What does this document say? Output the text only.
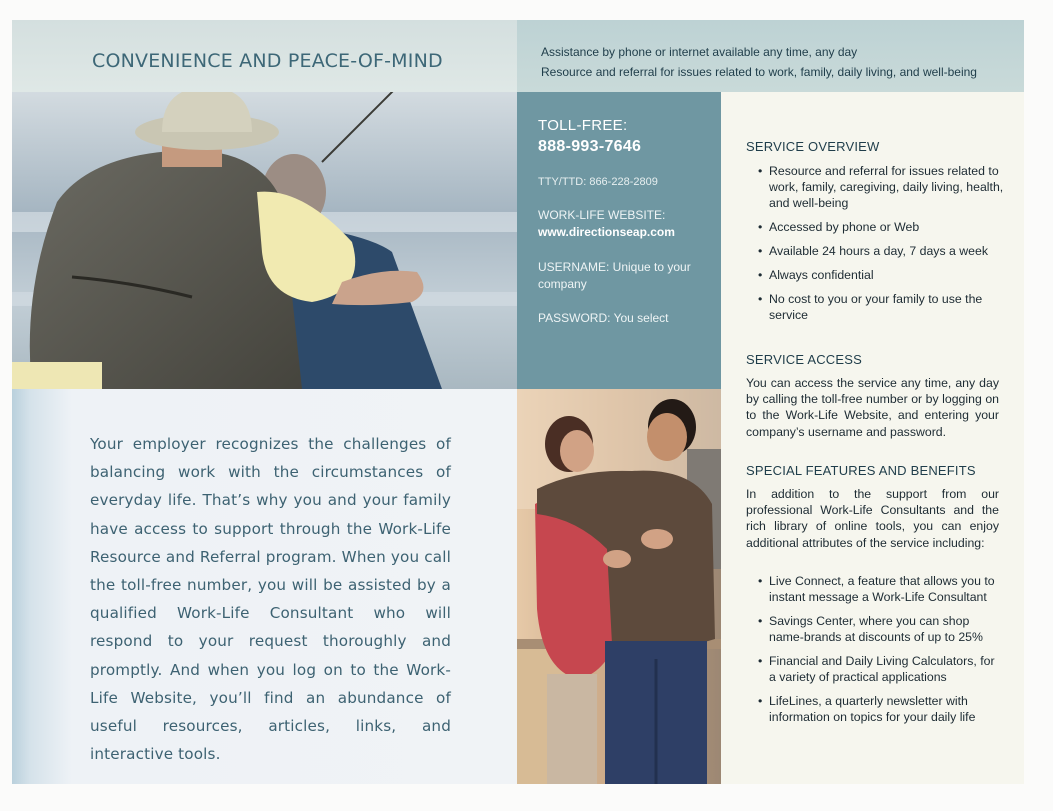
CONVENIENCE AND PEACE-OF-MIND	Assistance by phone or internet available any time, any day
Resource and referral for issues related to work, family, daily living, and well-being
TOLL-FREE:
888-993-7646
TTY/TTD: 866-228-2809
WORK-LIFE WEBSITE:
www.directionseap.com
USERNAME: Unique to your company
PASSWORD: You select
Your employer recognizes the challenges of balancing work with the circumstances of everyday life. That’s why you and your family have access to support through the Work-Life Resource and Referral program. When you call the toll-free number, you will be assisted by a qualified Work-Life Consultant who will respond to your request thoroughly and promptly. And when you log on to the Work-Life Website, you’ll find an abundance of useful resources, articles, links, and interactive tools.
SERVICE OVERVIEW
• Resource and referral for issues related to work, family, caregiving, daily living, health, and well-being
• Accessed by phone or Web
• Available 24 hours a day, 7 days a week
• Always confidential
• No cost to you or your family to use the service
SERVICE ACCESS

You can access the service any time, any day by calling the toll-free number or by logging on to the Work-Life Website, and entering your company’s username and password.

SPECIAL FEATURES AND BENEFITS

In addition to the support from our professional Work-Life Consultants and the rich library of online tools, you can enjoy additional attributes of the service including:

• Live Connect, a feature that allows you to instant message a Work-Life Consultant
• Savings Center, where you can shop name-brands at discounts of up to 25%
• Financial and Daily Living Calculators, for a variety of practical applications
• LifeLines, a quarterly newsletter with information on topics for your daily life
